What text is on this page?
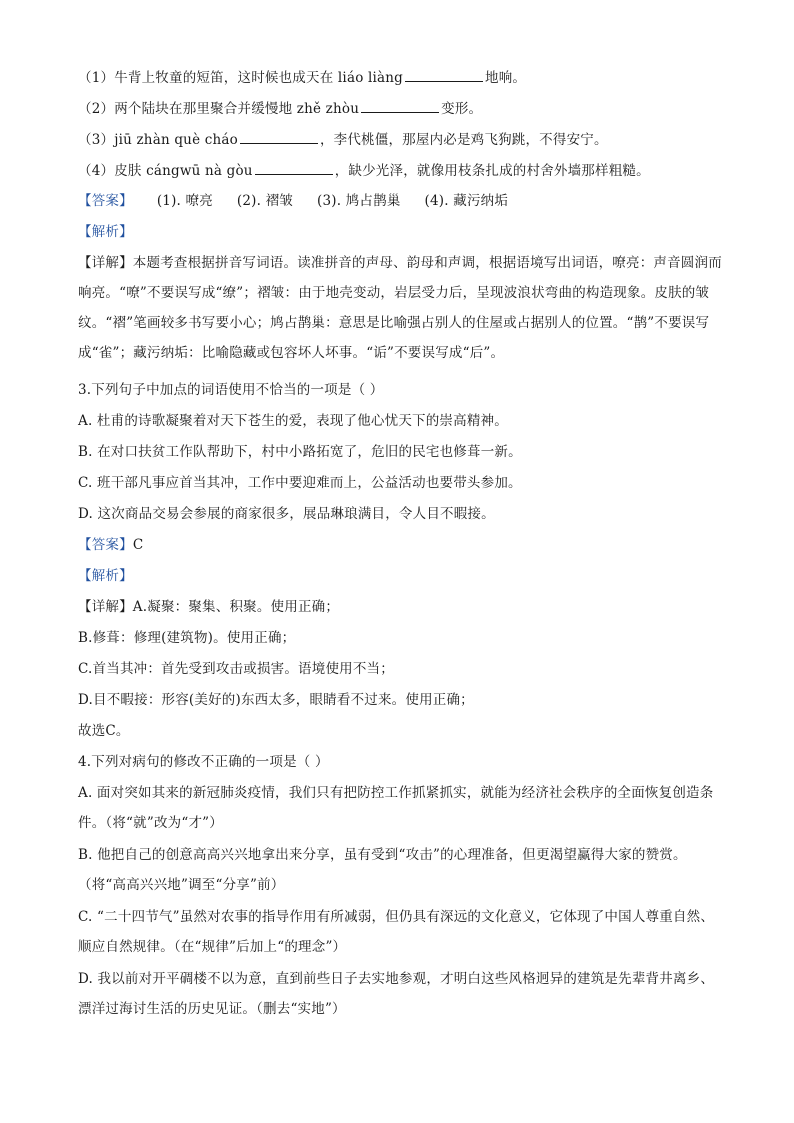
（1）牛背上牧童的短笛，这时候也成天在 liáo liàng	地响。
（2）两个陆块在那里聚合并缓慢地 zhě zhòu	变形。
（3）jiū zhàn què cháo	，李代桃僵，那屋内必是鸡飞狗跳，不得安宁。
（4）皮肤 cángwū nà gòu	，缺少光泽，就像用枝条扎成的村舍外墙那样粗糙。
【答案】 (1). 嘹亮 (2). 褶皱 (3). 鸠占鹊巢 (4). 藏污纳垢
【解析】
【详解】本题考查根据拼音写词语。读准拼音的声母、韵母和声调，根据语境写出词语，嘹亮：声音圆润而响亮。“嘹”不要误写成“缭”；褶皱：由于地壳变动，岩层受力后，呈现波浪状弯曲的构造现象。皮肤的皱纹。“褶”笔画较多书写要小心；鸠占鹊巢：意思是比喻强占别人的住屋或占据别人的位置。“鹊”不要误写成“雀”；藏污纳垢：比喻隐藏或包容坏人坏事。“诟”不要误写成“后”。
3.下列句子中加点的词语使用不恰当的一项是（ ）
A. 杜甫的诗歌凝聚着对天下苍生的爱，表现了他心忧天下的崇高精神。
B. 在对口扶贫工作队帮助下，村中小路拓宽了，危旧的民宅也修葺一新。
C. 班干部凡事应首当其冲，工作中要迎难而上，公益活动也要带头参加。
D. 这次商品交易会参展的商家很多，展品琳琅满目，令人目不暇接。
【答案】C
【解析】
【详解】A.凝聚：聚集、积聚。使用正确；
B.修葺：修理(建筑物)。使用正确；
C.首当其冲：首先受到攻击或损害。语境使用不当；
D.目不暇接：形容(美好的)东西太多，眼睛看不过来。使用正确；
故选C。
4.下列对病句的修改不正确的一项是（ ）
A. 面对突如其来的新冠肺炎疫情，我们只有把防控工作抓紧抓实，就能为经济社会秩序的全面恢复创造条件。（将“就”改为“才”）
B. 他把自己的创意高高兴兴地拿出来分享，虽有受到“攻击”的心理准备，但更渴望赢得大家的赞赏。（将“高高兴兴地”调至“分享”前）
C. “二十四节气”虽然对农事的指导作用有所减弱，但仍具有深远的文化意义，它体现了中国人尊重自然、顺应自然规律。（在“规律”后加上“的理念”）
D. 我以前对开平碉楼不以为意，直到前些日子去实地参观，才明白这些风格迥异的建筑是先辈背井离乡、漂洋过海讨生活的历史见证。（删去“实地”）
